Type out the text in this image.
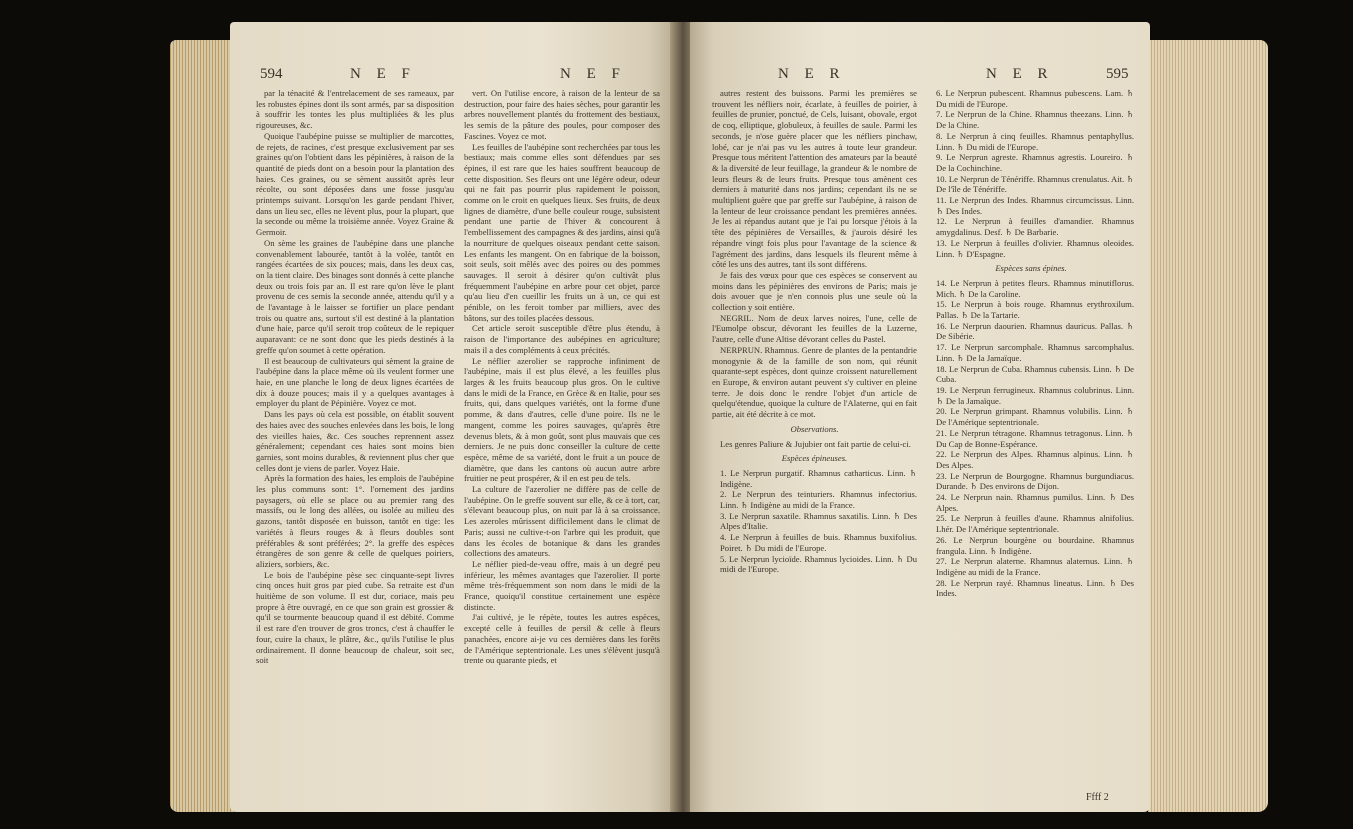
594	N E F	N E F

par la ténacité & l'entrelacement de ses rameaux, par les robustes épines dont ils sont armés, par sa disposition à souffrir les tontes les plus multipliées & les plus rigoureuses, &c.

Quoique l'aubépine puisse se multiplier de marcottes, de rejets, de racines, c'est presque exclusivement par ses graines qu'on l'obtient dans les pépinières, à raison de la quantité de pieds dont on a besoin pour la plantation des haies. Ces graines, ou se sèment aussitôt après leur récolte, ou sont déposées dans une fosse jusqu'au printemps suivant. Lorsqu'on les garde pendant l'hiver, dans un lieu sec, elles ne lèvent plus, pour la plupart, que la seconde ou même la troisième année. Voyez Graine & Germoir.

On sème les graines de l'aubépine dans une planche convenablement labourée, tantôt à la volée, tantôt en rangées écartées de six pouces; mais, dans les deux cas, on la tient claire. Des binages sont donnés à cette planche deux ou trois fois par an. Il est rare qu'on lève le plant provenu de ces semis la seconde année, attendu qu'il y a de l'avantage à le laisser se fortifier un place pendant trois ou quatre ans, surtout s'il est destiné à la plantation d'une haie, parce qu'il seroit trop coûteux de le repiquer auparavant: ce ne sont donc que les pieds destinés à la greffe qu'on soumet à cette opération.

Il est beaucoup de cultivateurs qui sèment la graine de l'aubépine dans la place même où ils veulent former une haie, en une planche le long de deux lignes écartées de dix à douze pouces; mais il y a quelques avantages à employer du plant de Pépinière. Voyez ce mot.

Dans les pays où cela est possible, on établit souvent des haies avec des souches enlevées dans les bois, le long des vieilles haies, &c. Ces souches reprennent assez généralement; cependant ces haies sont moins bien garnies, sont moins durables, & reviennent plus cher que celles dont je viens de parler. Voyez Haie.

Après la formation des haies, les emplois de l'aubépine les plus communs sont: 1°. l'ornement des jardins paysagers, où elle se place ou au premier rang des massifs, ou le long des allées, ou isolée au milieu des gazons, tantôt disposée en buisson, tantôt en tige: les variétés à fleurs rouges & à fleurs doubles sont préférables & sont préférées; 2°. la greffe des espèces étrangères de son genre & celle de quelques poiriers, aliziers, sorbiers, &c.

Le bois de l'aubépine pèse sec cinquante-sept livres cinq onces huit gros par pied cube. Sa retraite est d'un huitième de son volume. Il est dur, coriace, mais peu propre à être ouvragé, en ce que son grain est grossier & qu'il se tourmente beaucoup quand il est débité. Comme il est rare d'en trouver de gros troncs, c'est à chauffer le four, cuire la chaux, le plâtre, &c., qu'ils l'utilise le plus ordinairement. Il donne beaucoup de chaleur, soit sec, soit

vert. On l'utilise encore, à raison de la lenteur de sa destruction, pour faire des haies sèches, pour garantir les arbres nouvellement plantés du frottement des bestiaux, les semis de la pâture des poules, pour composer des Fascines. Voyez ce mot.

Les feuilles de l'aubépine sont recherchées par tous les bestiaux; mais comme elles sont défendues par ses épines, il est rare que les haies souffrent beaucoup de cette disposition. Ses fleurs ont une légère odeur, odeur qui ne fait pas pourrir plus rapidement le poisson, comme on le croit en quelques lieux. Ses fruits, de deux lignes de diamètre, d'une belle couleur rouge, subsistent pendant une partie de l'hiver & concourent à l'embellissement des campagnes & des jardins, ainsi qu'à la nourriture de quelques oiseaux pendant cette saison. Les enfants les mangent. On en fabrique de la boisson, soit seuls, soit mêlés avec des poires ou des pommes sauvages. Il seroit à désirer qu'on cultivât plus fréquemment l'aubépine en arbre pour cet objet, parce qu'au lieu d'en cueillir les fruits un à un, ce qui est pénible, on les feroit tomber par milliers, avec des bâtons, sur des toiles placées dessous.

Cet article seroit susceptible d'être plus étendu, à raison de l'importance des aubépines en agriculture; mais il a des compléments à ceux précités.

Le néflier azerolier se rapproche infiniment de l'aubépine, mais il est plus élevé, a les feuilles plus larges & les fruits beaucoup plus gros. On le cultive dans le midi de la France, en Grèce & en Italie, pour ses fruits, qui, dans quelques variétés, ont la forme d'une pomme, & dans d'autres, celle d'une poire. Ils ne le mangent, comme les poires sauvages, qu'après être devenus blets, & à mon goût, sont plus mauvais que ces derniers. Je ne puis donc conseiller la culture de cette espèce, même de sa variété, dont le fruit a un pouce de diamètre, que dans les cantons où aucun autre arbre fruitier ne peut prospérer, & il en est peu de tels.

La culture de l'azerolier ne diffère pas de celle de l'aubépine. On le greffe souvent sur elle, & ce à tort, car, s'élevant beaucoup plus, on nuit par là à sa croissance. Les azeroles mûrissent difficilement dans le climat de Paris; aussi ne cultive-t-on l'arbre qui les produit, que dans les écoles de botanique & dans les grandes collections des amateurs.

Le néflier pied-de-veau offre, mais à un degré peu inférieur, les mêmes avantages que l'azerolier. Il porte même très-fréquemment son nom dans le midi de la France, quoiqu'il constitue certainement une espèce distincte.

J'ai cultivé, je le répète, toutes les autres espèces, excepté celle à feuilles de persil & celle à fleurs panachées, encore ai-je vu ces dernières dans les forêts de l'Amérique septentrionale. Les unes s'élèvent jusqu'à trente ou quarante pieds, et

N E R	N E R	595

autres restent des buissons. Parmi les premières se trouvent les néfliers noir, écarlate, à feuilles de poirier, à feuilles de prunier, ponctué, de Cels, luisant, obovale, ergot de coq, elliptique, globuleux, à feuilles de saule. Parmi les seconds, je n'ose guère placer que les néfliers pinchaw, lobé, car je n'ai pas vu les autres à toute leur grandeur. Presque tous méritent l'attention des amateurs par la beauté & la diversité de leur feuillage, la grandeur & le nombre de leurs fleurs & de leurs fruits. Presque tous amènent ces derniers à maturité dans nos jardins; cependant ils ne se multiplient guère que par greffe sur l'aubépine, à raison de la lenteur de leur croissance pendant les premières années. Je les ai répandus autant que je l'ai pu lorsque j'étois à la tête des pépinières de Versailles, & j'aurois désiré les répandre vingt fois plus pour l'avantage de la science & l'agrément des jardins, dans lesquels ils fleurent même à côté les uns des autres, tant ils sont différens.

Je fais des vœux pour que ces espèces se conservent au moins dans les pépinières des environs de Paris; mais je dois avouer que je n'en connois plus une seule où la collection y soit entière.

NEGRIL. Nom de deux larves noires, l'une, celle de l'Eumolpe obscur, dévorant les feuilles de la Luzerne, l'autre, celle d'une Altise dévorant celles du Pastel.

NERPRUN. Rhamnus. Genre de plantes de la pentandrie monogynie & de la famille de son nom, qui réunit quarante-sept espèces, dont quinze croissent naturellement en Europe, & environ autant peuvent s'y cultiver en pleine terre. Je dois donc le rendre l'objet d'un article de quelqu'étendue, quoique la culture de l'Alaterne, qui en fait partie, ait été décrite à ce mot.

Observations.

Les genres Paliure & Jujubier ont fait partie de celui-ci.

Espèces épineuses.

1. Le Nerprun purgatif. Rhamnus catharticus. Linn. ♄ Indigène.

2. Le Nerprun des teinturiers. Rhamnus infectorius. Linn. ♄ Indigène au midi de la France.

3. Le Nerprun saxatile. Rhamnus saxatilis. Linn. ♄ Des Alpes d'Italie.

4. Le Nerprun à feuilles de buis. Rhamnus buxifolius. Poiret. ♄ Du midi de l'Europe.

5. Le Nerprun lycioïde. Rhamnus lycioides. Linn. ♄ Du midi de l'Europe.

6. Le Nerprun pubescent. Rhamnus pubescens. Lam. ♄ Du midi de l'Europe.

7. Le Nerprun de la Chine. Rhamnus theezans. Linn. ♄ De la Chine.

8. Le Nerprun à cinq feuilles. Rhamnus pentaphyllus. Linn. ♄ Du midi de l'Europe.

9. Le Nerprun agreste. Rhamnus agrestis. Loureiro. ♄ De la Cochinchine.

10. Le Nerprun de Ténériffe. Rhamnus crenulatus. Ait. ♄ De l'île de Ténériffe.

11. Le Nerprun des Indes. Rhamnus circumcissus. Linn. ♄ Des Indes.

12. Le Nerprun à feuilles d'amandier. Rhamnus amygdalinus. Desf. ♄ De Barbarie.

13. Le Nerprun à feuilles d'olivier. Rhamnus oleoides. Linn. ♄ D'Espagne.

Espèces sans épines.

14. Le Nerprun à petites fleurs. Rhamnus minutiflorus. Mich. ♄ De la Caroline.

15. Le Nerprun à bois rouge. Rhamnus erythroxilum. Pallas. ♄ De la Tartarie.

16. Le Nerprun daourien. Rhamnus dauricus. Pallas. ♄ De Sibérie.

17. Le Nerprun sarcomphale. Rhamnus sarcomphalus. Linn. ♄ De la Jamaïque.

18. Le Nerprun de Cuba. Rhamnus cubensis. Linn. ♄ De Cuba.

19. Le Nerprun ferrugineux. Rhamnus colubrinus. Linn. ♄ De la Jamaïque.

20. Le Nerprun grimpant. Rhamnus volubilis. Linn. ♄ De l'Amérique septentrionale.

21. Le Nerprun tétragone. Rhamnus tetragonus. Linn. ♄ Du Cap de Bonne-Espérance.

22. Le Nerprun des Alpes. Rhamnus alpinus. Linn. ♄ Des Alpes.

23. Le Nerprun de Bourgogne. Rhamnus burgundiacus. Durande. ♄ Des environs de Dijon.

24. Le Nerprun nain. Rhamnus pumilus. Linn. ♄ Des Alpes.

25. Le Nerprun à feuilles d'aune. Rhamnus alnifolius. Lhér. De l'Amérique septentrionale.

26. Le Nerprun bourgène ou bourdaine. Rhamnus frangula. Linn. ♄ Indigène.

27. Le Nerprun alaterne. Rhamnus alaternus. Linn. ♄ Indigène au midi de la France.

28. Le Nerprun rayé. Rhamnus lineatus. Linn. ♄ Des Indes.

Ffff 2
